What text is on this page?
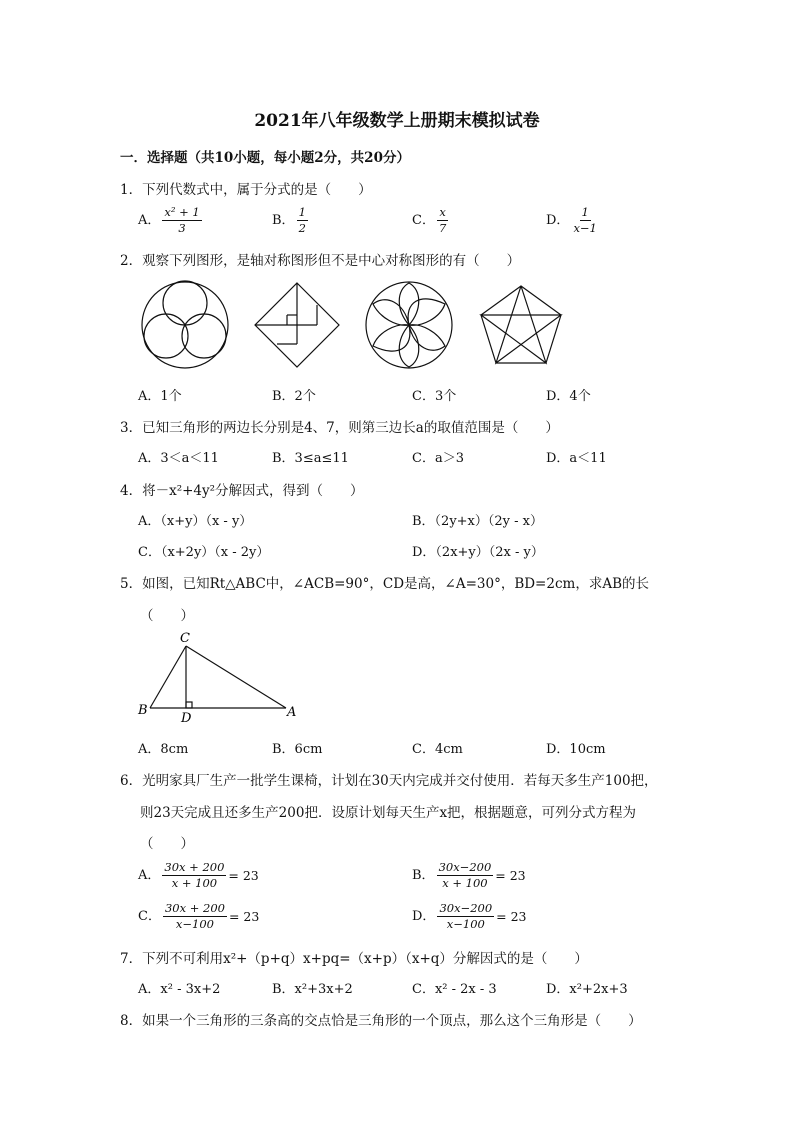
2021年八年级数学上册期末模拟试卷
一．选择题（共10小题，每小题2分，共20分）
1．下列代数式中，属于分式的是（　　）
A． $\frac{\text{x² + 1}}{3}$	B． $\frac{1}{2}$	C． $\frac{x}{7}$	D． $\frac{1}{x-1}$
2．观察下列图形，是轴对称图形但不是中心对称图形的有（　　）
A．1个	B．2个	C．3个	D．4个
3．已知三角形的两边长分别是4、7，则第三边长a的取值范围是（　　）
A．3＜a＜11	B．3≤a≤11	C．a＞3	D．a＜11
4．将－x²+4y²分解因式，得到（　　）
A．（x+y）（x - y）	B．（2y+x）（2y - x）
C．（x+2y）（x - 2y）	D．（2x+y）（2x - y）
5．如图，已知Rt△ABC中，∠ACB=90°，CD是高，∠A=30°，BD=2cm，求AB的长
（　　）
C
B
D	A
A．8cm	B．6cm	C．4cm	D．10cm
6．光明家具厂生产一批学生课椅，计划在30天内完成并交付使用．若每天多生产100把，
则23天完成且还多生产200把．设原计划每天生产x把，根据题意，可列分式方程为
（　　）
A． $\frac{30x + 200}{x + 100} = 23$	B． $\frac{30x-200}{x + 100} = 23$
C． $\frac{30x + 200}{x-100} = 23$	D． $\frac{30x-200}{x-100} = 23$
7．下列不可利用x²+（p+q）x+pq=（x+p）（x+q）分解因式的是（　　）
A．x² - 3x+2	B．x²+3x+2	C．x² - 2x - 3	D．x²+2x+3
8．如果一个三角形的三条高的交点恰是三角形的一个顶点，那么这个三角形是（　　）
